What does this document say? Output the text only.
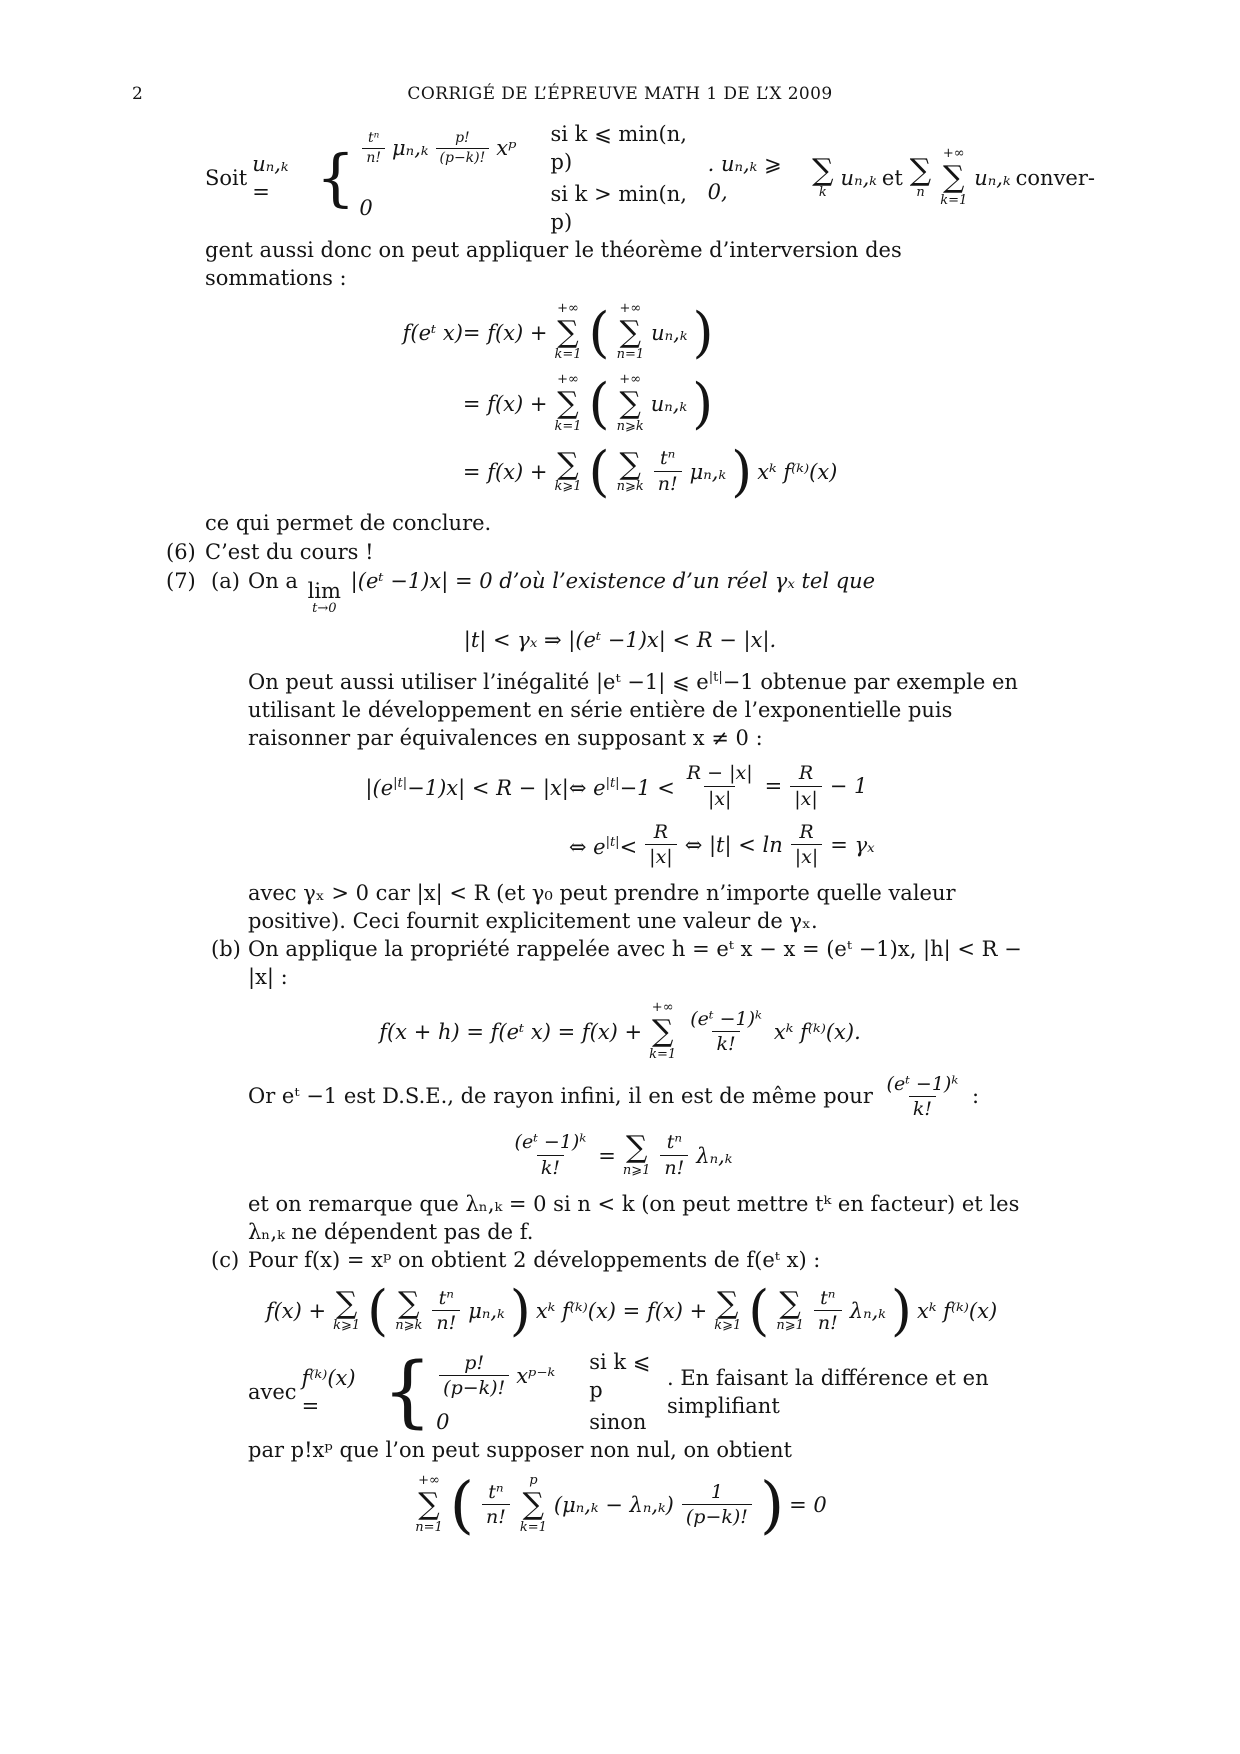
2	CORRIGÉ DE L’ÉPREUVE MATH 1 DE L’X 2009
Soit
uₙ,ₖ = { $\frac{\text{tⁿ}}{n!} \mu_n,_k \frac{p!}{(p-k)!}$ xᵖ
si k ⩽ min(n, p)
0
si k > min(n, p)
. uₙ,ₖ ⩾ 0,
∑
k
uₙ,ₖ et ∑
n
+∞
∑
k=1
uₙ,ₖ conver-

gent aussi donc on peut appliquer le théorème d’interversion des sommations :

f(eᵗ x) = f(x) +
+∞
∑
k=1 ( +∞
∑
n=1
uₙ,ₖ )
= f(x) +
+∞
∑
k=1 ( +∞
∑
n⩾k
uₙ,ₖ )
= f(x) + ∑
k⩾1 ( ∑
n⩾k $\frac{\text{tⁿ}}{n!} \mu_n,_k$ ) xᵏ f⁽ᵏ⁾(x)

ce qui permet de conclure.

(6) C’est du cours !

(7) (a) On a lim
t→0
|(eᵗ −1)x| = 0 d’où l’existence d’un réel γₓ tel que

|t| < γₓ ⇒ |(eᵗ −1)x| < R − |x|.

On peut aussi utiliser l’inégalité |eᵗ −1| ⩽ $e^{|t|}-1$ obtenue par exemple en utilisant le développement en série entière de l’exponentielle puis raisonner par équivalences en supposant x ≠ 0 :

$|(e^{|t|}-1)x| < R - |x|$ ⇔ $e^{|t|}-1 < \frac{R - |x|}{|x|} = \frac{R}{|x|} - 1$
⇔ $e^{|t|}< \frac{R}{|x|}$ ⇔ $|t| < \ln \frac{R}{|x|} = \gamma_x$

avec γₓ > 0 car |x| < R (et γ₀ peut prendre n’importe quelle valeur positive). Ceci fournit explicitement une valeur de γₓ.

(b) On applique la propriété rappelée avec h = eᵗ x − x = (eᵗ −1)x, |h| < R − |x| :

f(x + h) = f(eᵗ x) = f(x) +
+∞
∑
$k=1 \frac{\text{(eᵗ −1)ᵏ}}{k!}$ xᵏ f⁽ᵏ⁾(x).

Or eᵗ −1 est D.S.E., de rayon infini, il en est de même pour $\frac{\text{(eᵗ −1)ᵏ}}{k!}$ :

$\frac{\text{(eᵗ −1)ᵏ}}{k!}$ = ∑
n⩾1 $\frac{\text{tⁿ}}{n!} \lambda_n,_k$

et on remarque que λₙ,ₖ = 0 si n < k (on peut mettre tᵏ en facteur) et les λₙ,ₖ ne dépendent pas de f.

(c) Pour f(x) = xᵖ on obtient 2 développements de f(eᵗ x) :

f(x) + ∑
k⩾1 ( ∑
n⩾k $\frac{\text{tⁿ}}{n!} \mu_n,_k$ ) xᵏ f⁽ᵏ⁾(x) = f(x) + ∑
k⩾1 ( ∑
n⩾1 $\frac{\text{tⁿ}}{n!} \lambda_n,_k$ ) xᵏ f⁽ᵏ⁾(x)
avec
f⁽ᵏ⁾(x) = { $\frac{p!}{(p-k)!}$ xᵖ⁻ᵏ
si k ⩽ p
0	sinon
. En faisant la différence et en simplifiant

par p!xᵖ que l’on peut supposer non nul, on obtient

+∞
∑
n=1 ( $\frac{\text{tⁿ}}{n!}$ p
∑
k=1
$(\mu_n,_k - \lambda_n,_k) \frac{1}{(p-k)!}$ ) = 0
